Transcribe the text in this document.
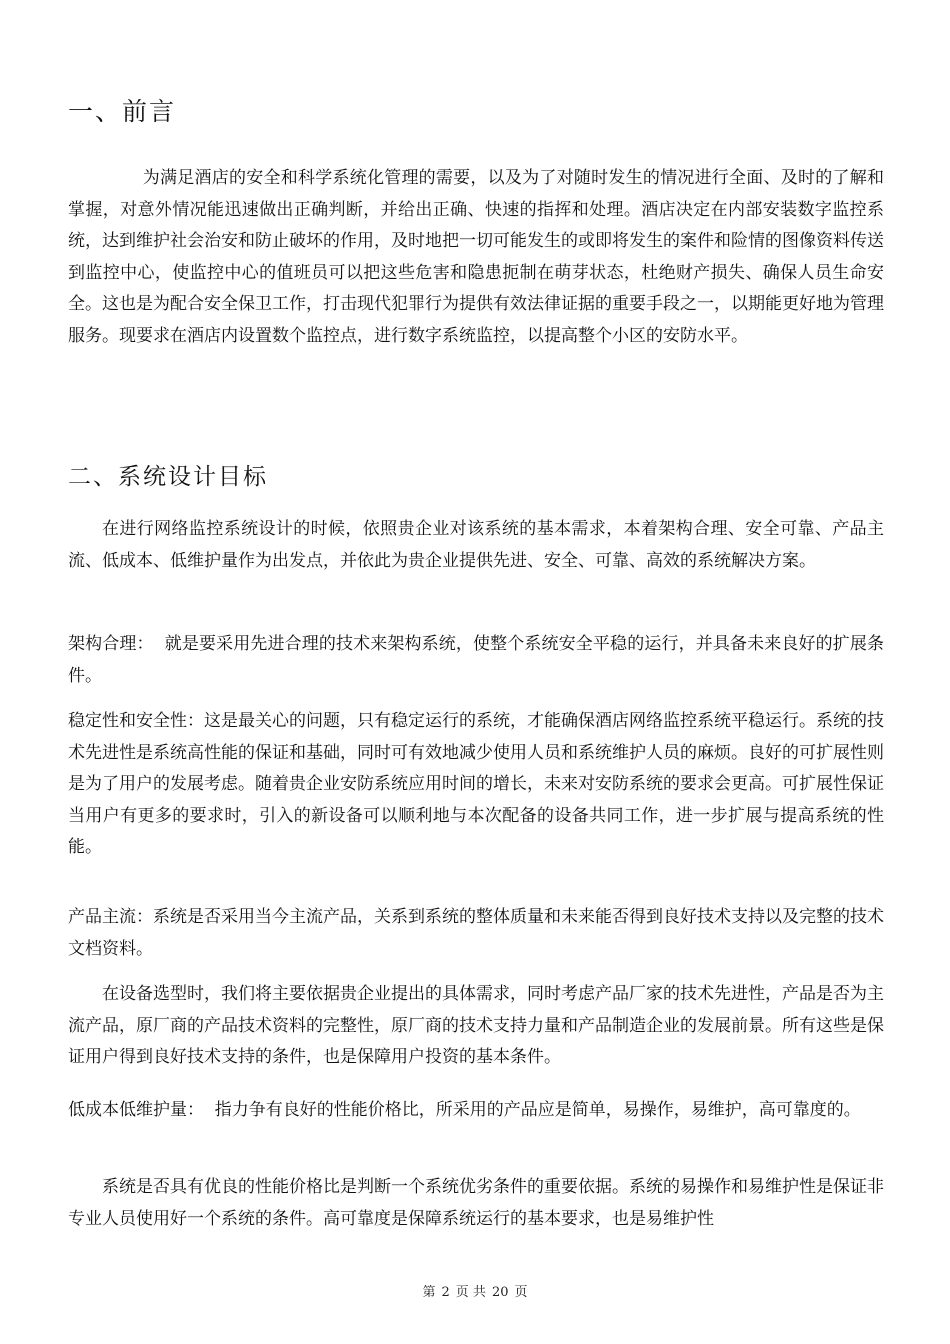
一、前言

为满足酒店的安全和科学系统化管理的需要，以及为了对随时发生的情况进行全面、及时的了解和掌握，对意外情况能迅速做出正确判断，并给出正确、快速的指挥和处理。酒店决定在内部安装数字监控系统，达到维护社会治安和防止破坏的作用，及时地把一切可能发生的或即将发生的案件和险情的图像资料传送到监控中心，使监控中心的值班员可以把这些危害和隐患扼制在萌芽状态，杜绝财产损失、确保人员生命安全。这也是为配合安全保卫工作，打击现代犯罪行为提供有效法律证据的重要手段之一，以期能更好地为管理服务。现要求在酒店内设置数个监控点，进行数字系统监控，以提高整个小区的安防水平。

二、系统设计目标

在进行网络监控系统设计的时候，依照贵企业对该系统的基本需求，本着架构合理、安全可靠、产品主流、低成本、低维护量作为出发点，并依此为贵企业提供先进、安全、可靠、高效的系统解决方案。

架构合理：  就是要采用先进合理的技术来架构系统，使整个系统安全平稳的运行，并具备未来良好的扩展条件。

稳定性和安全性：这是最关心的问题，只有稳定运行的系统，才能确保酒店网络监控系统平稳运行。系统的技术先进性是系统高性能的保证和基础，同时可有效地减少使用人员和系统维护人员的麻烦。良好的可扩展性则是为了用户的发展考虑。随着贵企业安防系统应用时间的增长，未来对安防系统的要求会更高。可扩展性保证当用户有更多的要求时，引入的新设备可以顺利地与本次配备的设备共同工作，进一步扩展与提高系统的性能。

产品主流：系统是否采用当今主流产品，关系到系统的整体质量和未来能否得到良好技术支持以及完整的技术文档资料。

在设备选型时，我们将主要依据贵企业提出的具体需求，同时考虑产品厂家的技术先进性，产品是否为主流产品，原厂商的产品技术资料的完整性，原厂商的技术支持力量和产品制造企业的发展前景。所有这些是保证用户得到良好技术支持的条件，也是保障用户投资的基本条件。

低成本低维护量：  指力争有良好的性能价格比，所采用的产品应是简单，易操作，易维护，高可靠度的。

系统是否具有优良的性能价格比是判断一个系统优劣条件的重要依据。系统的易操作和易维护性是保证非专业人员使用好一个系统的条件。高可靠度是保障系统运行的基本要求，也是易维护性

第 2 页 共 20 页
